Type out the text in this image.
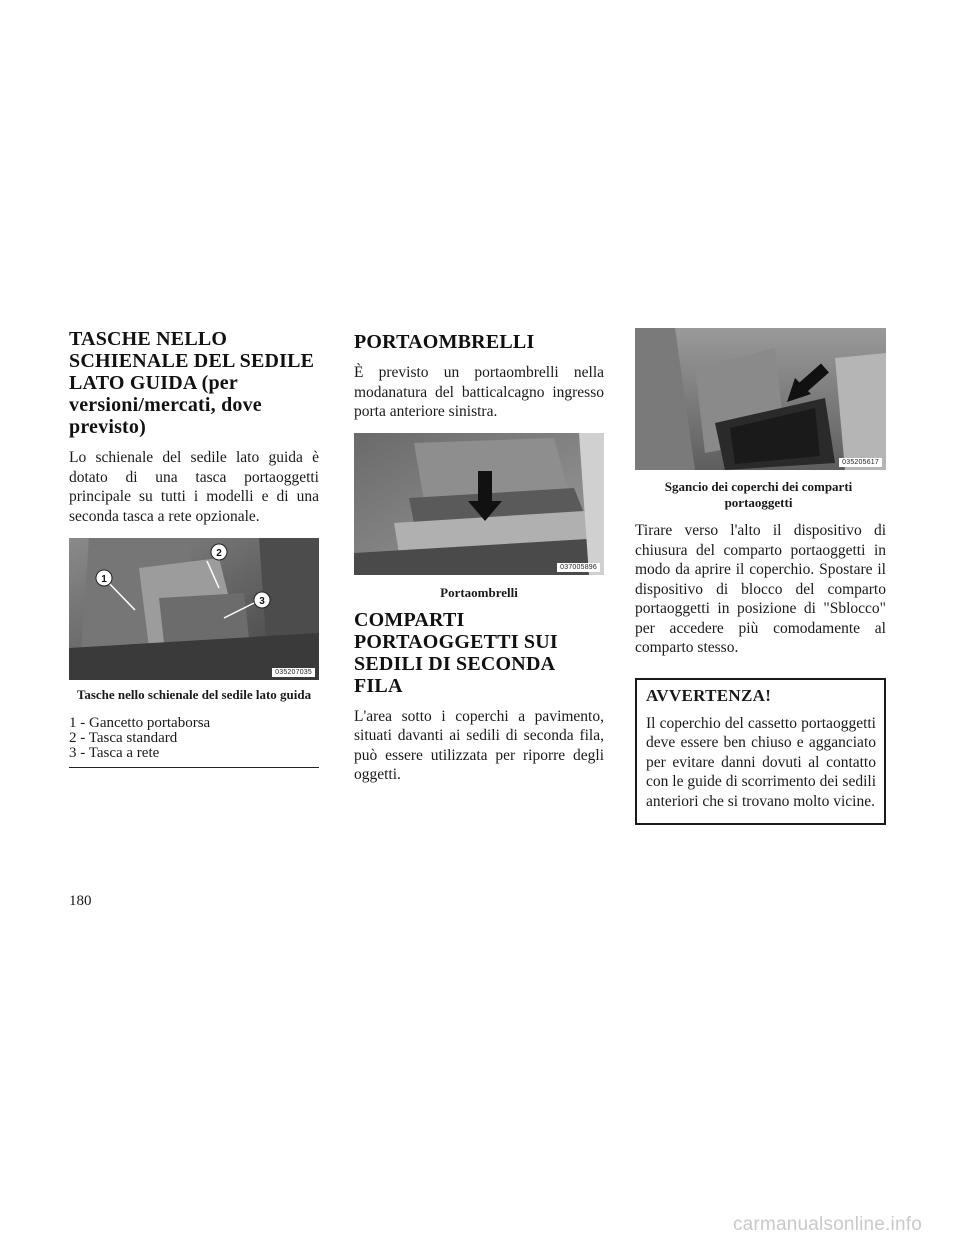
TASCHE NELLO SCHIENALE DEL SEDILE LATO GUIDA (per versioni/mercati, dove previsto)

Lo schienale del sedile lato guida è dotato di una tasca portaoggetti principale su tutti i modelli e di una seconda tasca a rete opzionale.

1
2
3
035207035
Tasche nello schienale del sedile lato guida
1 - Gancetto portaborsa
2 - Tasca standard
3 - Tasca a rete
PORTAOMBRELLI

È previsto un portaombrelli nella modanatura del batticalcagno ingresso porta anteriore sinistra.

037005896
Portaombrelli
COMPARTI PORTAOGGETTI SUI SEDILI DI SECONDA FILA

L'area sotto i coperchi a pavimento, situati davanti ai sedili di seconda fila, può essere utilizzata per riporre degli oggetti.

035205617
Sgancio dei coperchi dei comparti portaoggetti

Tirare verso l'alto il dispositivo di chiusura del comparto portaoggetti in modo da aprire il coperchio. Spostare il dispositivo di blocco del comparto portaoggetti in posizione di "Sblocco" per accedere più comodamente al comparto stesso.

AVVERTENZA!

Il coperchio del cassetto portaoggetti deve essere ben chiuso e agganciato per evitare danni dovuti al contatto con le guide di scorrimento dei sedili anteriori che si trovano molto vicine.

180
carmanualsonline.info
